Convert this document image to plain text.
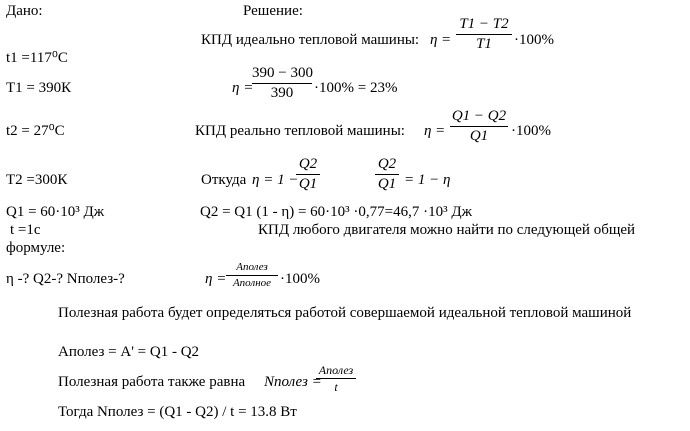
Дано:	Решение:
t1 =117⁰С
T1 = 390К
t2 = 27⁰С
T2 =300К
Q1 = 60·10³ Дж
t =1с
η -? Q2-? Nполез-?
КПД идеально тепловой машины: η =
T1 − T2
T1	·100%
η =
390 − 300
390	·100% = 23%
КПД реально тепловой машины: η =
Q1 − Q2
Q1	·100%
Откуда η = 1 −
Q2
Q1
Q2
Q1 = 1 − η
Q2 = Q1 (1 - η) = 60·10³ ·0,77=46,7 ·10³ Дж
КПД любого двигателя можно найти по следующей общей
формуле:
η =
Aполез
Aполное ·100%
Полезная работа будет определяться работой совершаемой идеальной тепловой машиной
Aполез = A' = Q1 - Q2
Полезная работа также равна Nполез =
Aполез
t
Тогда Nполез = (Q1 - Q2) / t = 13.8 Вт
